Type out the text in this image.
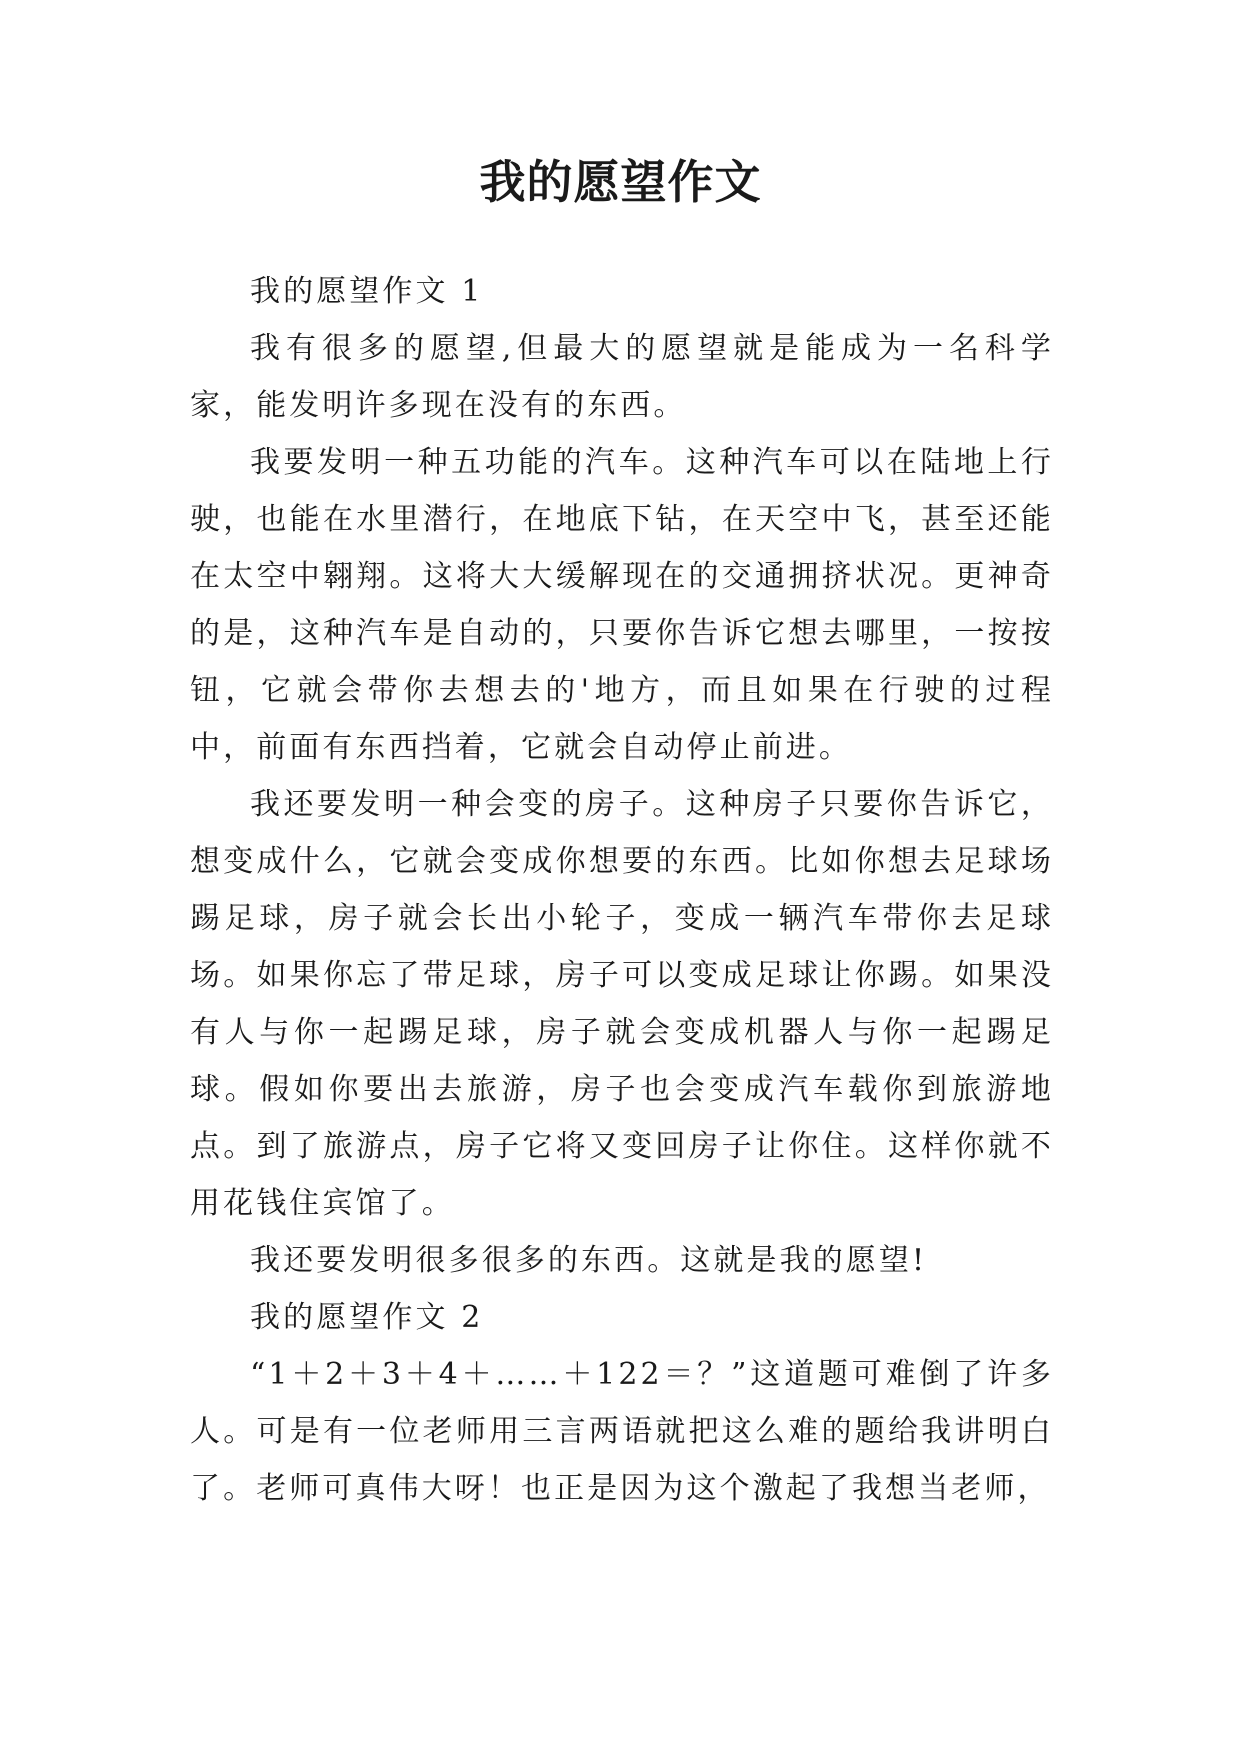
我的愿望作文

我的愿望作文 1

我有很多的愿望,但最大的愿望就是能成为一名科学家，能发明许多现在没有的东西。

我要发明一种五功能的汽车。这种汽车可以在陆地上行驶，也能在水里潜行，在地底下钻，在天空中飞，甚至还能在太空中翱翔。这将大大缓解现在的交通拥挤状况。更神奇的是，这种汽车是自动的，只要你告诉它想去哪里，一按按钮，它就会带你去想去的'地方，而且如果在行驶的过程中，前面有东西挡着，它就会自动停止前进。

我还要发明一种会变的房子。这种房子只要你告诉它，想变成什么，它就会变成你想要的东西。比如你想去足球场踢足球，房子就会长出小轮子，变成一辆汽车带你去足球场。如果你忘了带足球，房子可以变成足球让你踢。如果没有人与你一起踢足球，房子就会变成机器人与你一起踢足球。假如你要出去旅游，房子也会变成汽车载你到旅游地点。到了旅游点，房子它将又变回房子让你住。这样你就不用花钱住宾馆了。

我还要发明很多很多的东西。这就是我的愿望!

我的愿望作文 2

“1＋2＋3＋4＋……＋122＝？”这道题可难倒了许多人。可是有一位老师用三言两语就把这么难的题给我讲明白了。老师可真伟大呀！也正是因为这个激起了我想当老师，
